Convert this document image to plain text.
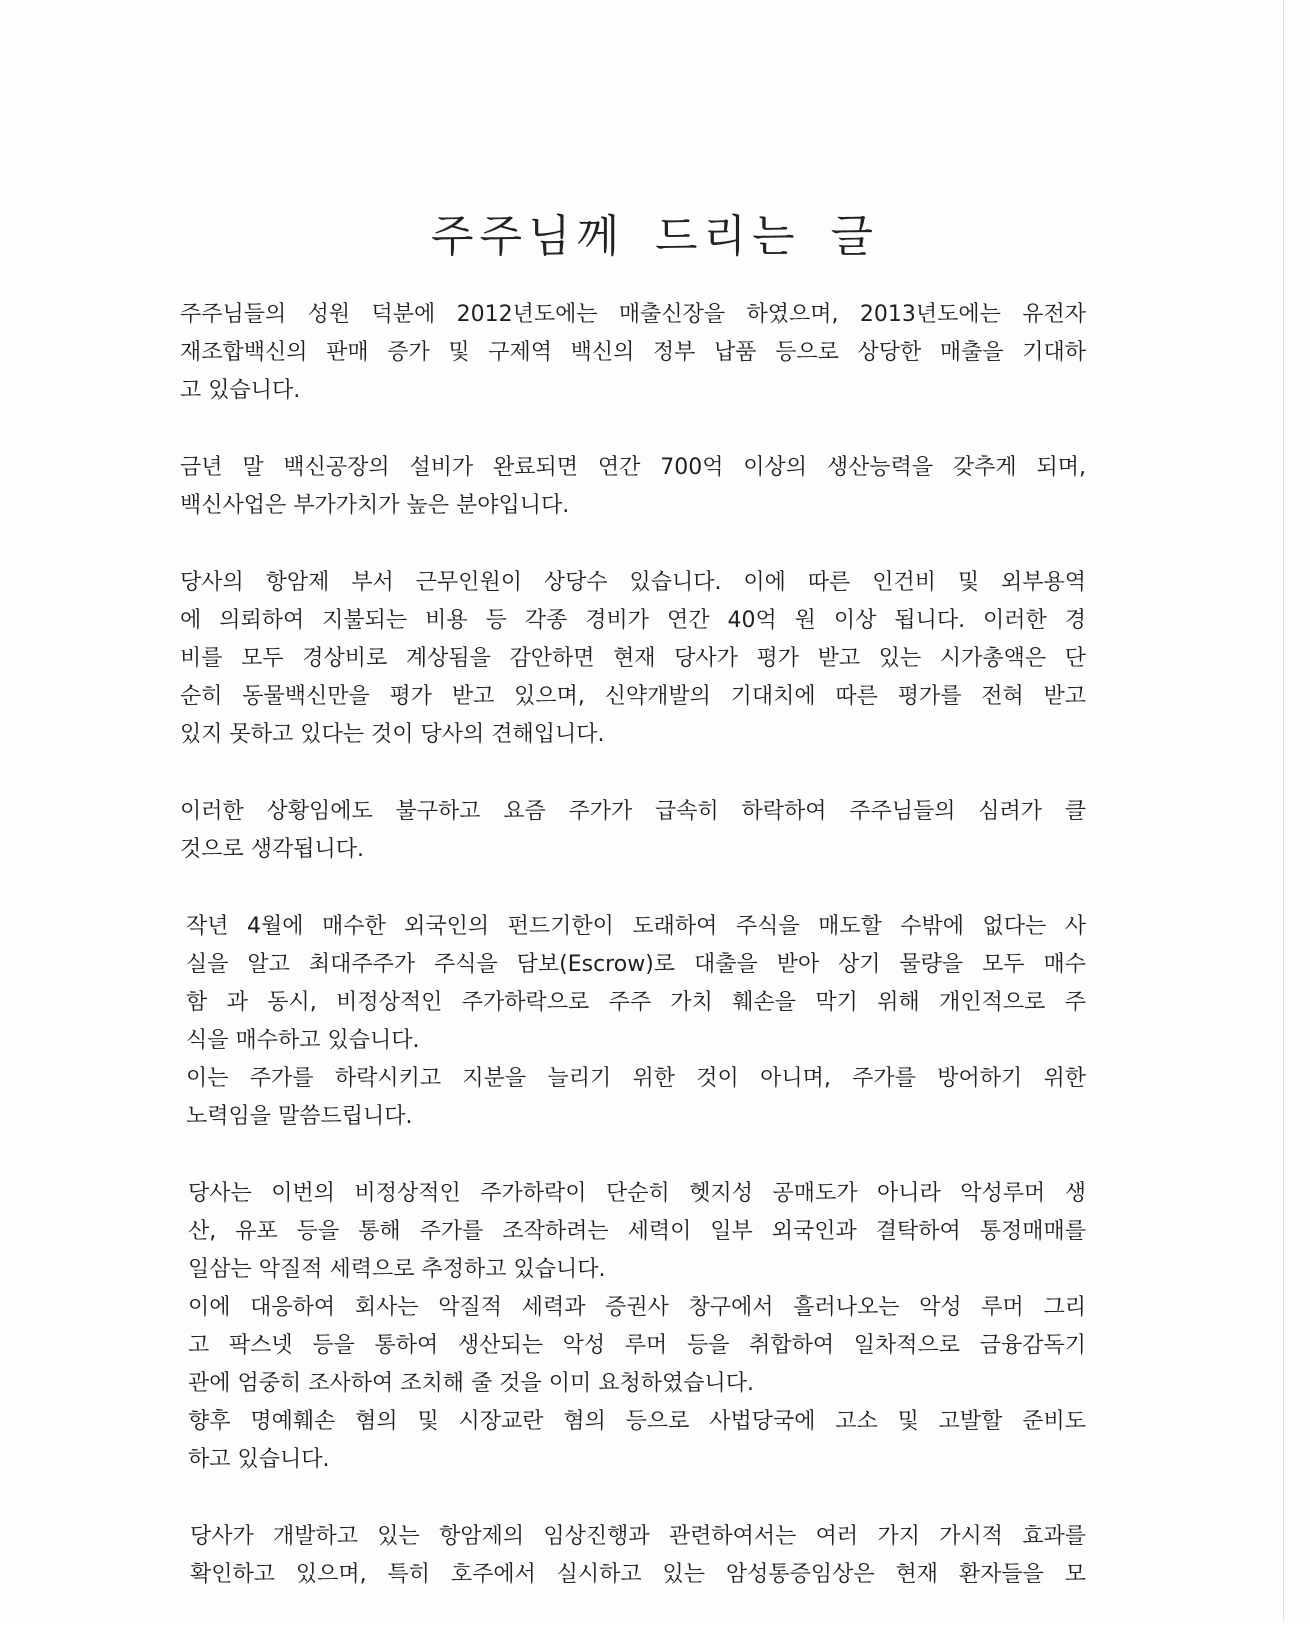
주주님께 드리는 글

주주님들의 성원 덕분에 2012년도에는 매출신장을 하였으며, 2013년도에는 유전자
재조합백신의 판매 증가 및 구제역 백신의 정부 납품 등으로 상당한 매출을 기대하
고 있습니다.

금년 말 백신공장의 설비가 완료되면 연간 700억 이상의 생산능력을 갖추게 되며,
백신사업은 부가가치가 높은 분야입니다.

당사의 항암제 부서 근무인원이 상당수 있습니다. 이에 따른 인건비 및 외부용역
에 의뢰하여 지불되는 비용 등 각종 경비가 연간 40억 원 이상 됩니다. 이러한 경
비를 모두 경상비로 계상됨을 감안하면 현재 당사가 평가 받고 있는 시가총액은 단
순히 동물백신만을 평가 받고 있으며, 신약개발의 기대치에 따른 평가를 전혀 받고
있지 못하고 있다는 것이 당사의 견해입니다.

이러한 상황임에도 불구하고 요즘 주가가 급속히 하락하여 주주님들의 심려가 클
것으로 생각됩니다.

작년 4월에 매수한 외국인의 펀드기한이 도래하여 주식을 매도할 수밖에 없다는 사
실을 알고 최대주주가 주식을 담보(Escrow)로 대출을 받아 상기 물량을 모두 매수
함 과 동시, 비정상적인 주가하락으로 주주 가치 훼손을 막기 위해 개인적으로 주
식을 매수하고 있습니다.
이는 주가를 하락시키고 지분을 늘리기 위한 것이 아니며, 주가를 방어하기 위한
노력임을 말씀드립니다.

당사는 이번의 비정상적인 주가하락이 단순히 헷지성 공매도가 아니라 악성루머 생
산, 유포 등을 통해 주가를 조작하려는 세력이 일부 외국인과 결탁하여 통정매매를
일삼는 악질적 세력으로 추정하고 있습니다.
이에 대응하여 회사는 악질적 세력과 증권사 창구에서 흘러나오는 악성 루머 그리
고 팍스넷 등을 통하여 생산되는 악성 루머 등을 취합하여 일차적으로 금융감독기
관에 엄중히 조사하여 조치해 줄 것을 이미 요청하였습니다.
향후 명예훼손 혐의 및 시장교란 혐의 등으로 사법당국에 고소 및 고발할 준비도
하고 있습니다.

당사가 개발하고 있는 항암제의 임상진행과 관련하여서는 여러 가지 가시적 효과를
확인하고 있으며, 특히 호주에서 실시하고 있는 암성통증임상은 현재 환자들을 모
